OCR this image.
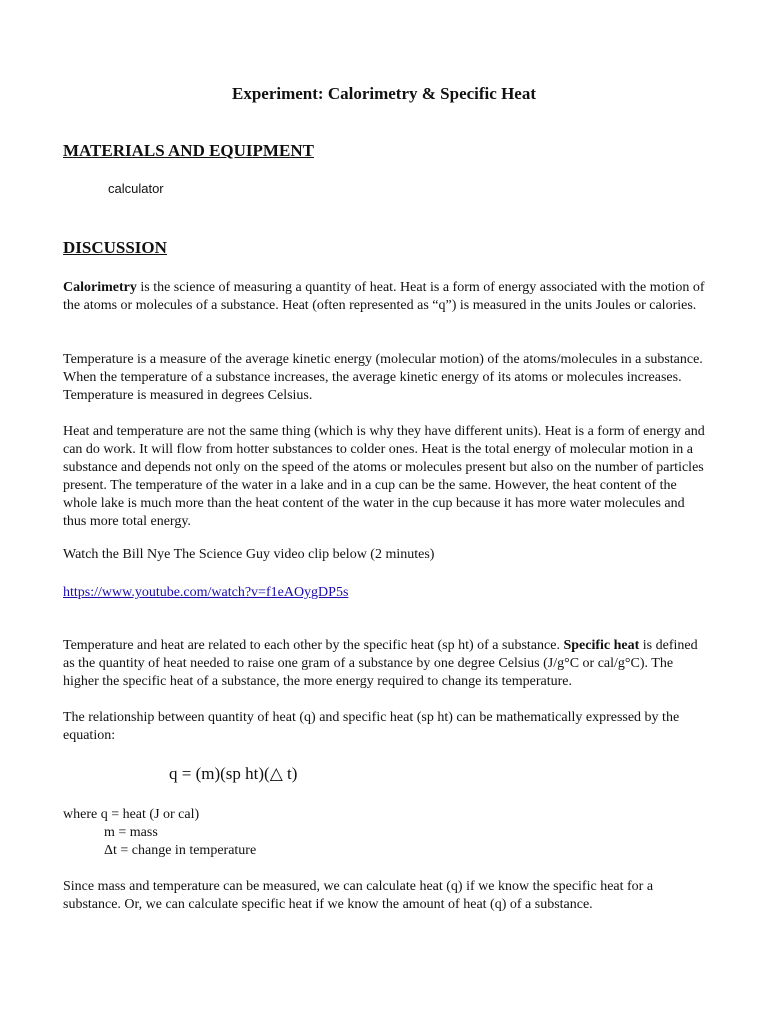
Experiment: Calorimetry & Specific Heat
MATERIALS AND EQUIPMENT
calculator
DISCUSSION
Calorimetry is the science of measuring a quantity of heat. Heat is a form of energy associated with the motion of the atoms or molecules of a substance. Heat (often represented as “q”) is measured in the units Joules or calories.
Temperature is a measure of the average kinetic energy (molecular motion) of the atoms/molecules in a substance. When the temperature of a substance increases, the average kinetic energy of its atoms or molecules increases. Temperature is measured in degrees Celsius.
Heat and temperature are not the same thing (which is why they have different units). Heat is a form of energy and can do work. It will flow from hotter substances to colder ones. Heat is the total energy of molecular motion in a substance and depends not only on the speed of the atoms or molecules present but also on the number of particles present. The temperature of the water in a lake and in a cup can be the same. However, the heat content of the whole lake is much more than the heat content of the water in the cup because it has more water molecules and thus more total energy.
Watch the Bill Nye The Science Guy video clip below (2 minutes)
https://www.youtube.com/watch?v=f1eAOygDP5s
Temperature and heat are related to each other by the specific heat (sp ht) of a substance. Specific heat is defined as the quantity of heat needed to raise one gram of a substance by one degree Celsius (J/g°C or cal/g°C). The higher the specific heat of a substance, the more energy required to change its temperature.
The relationship between quantity of heat (q) and specific heat (sp ht) can be mathematically expressed by the equation:
q = (m)(sp ht)(△ t)
where q = heat (J or cal)
m = mass
Δt = change in temperature
Since mass and temperature can be measured, we can calculate heat (q) if we know the specific heat for a substance. Or, we can calculate specific heat if we know the amount of heat (q) of a substance.
